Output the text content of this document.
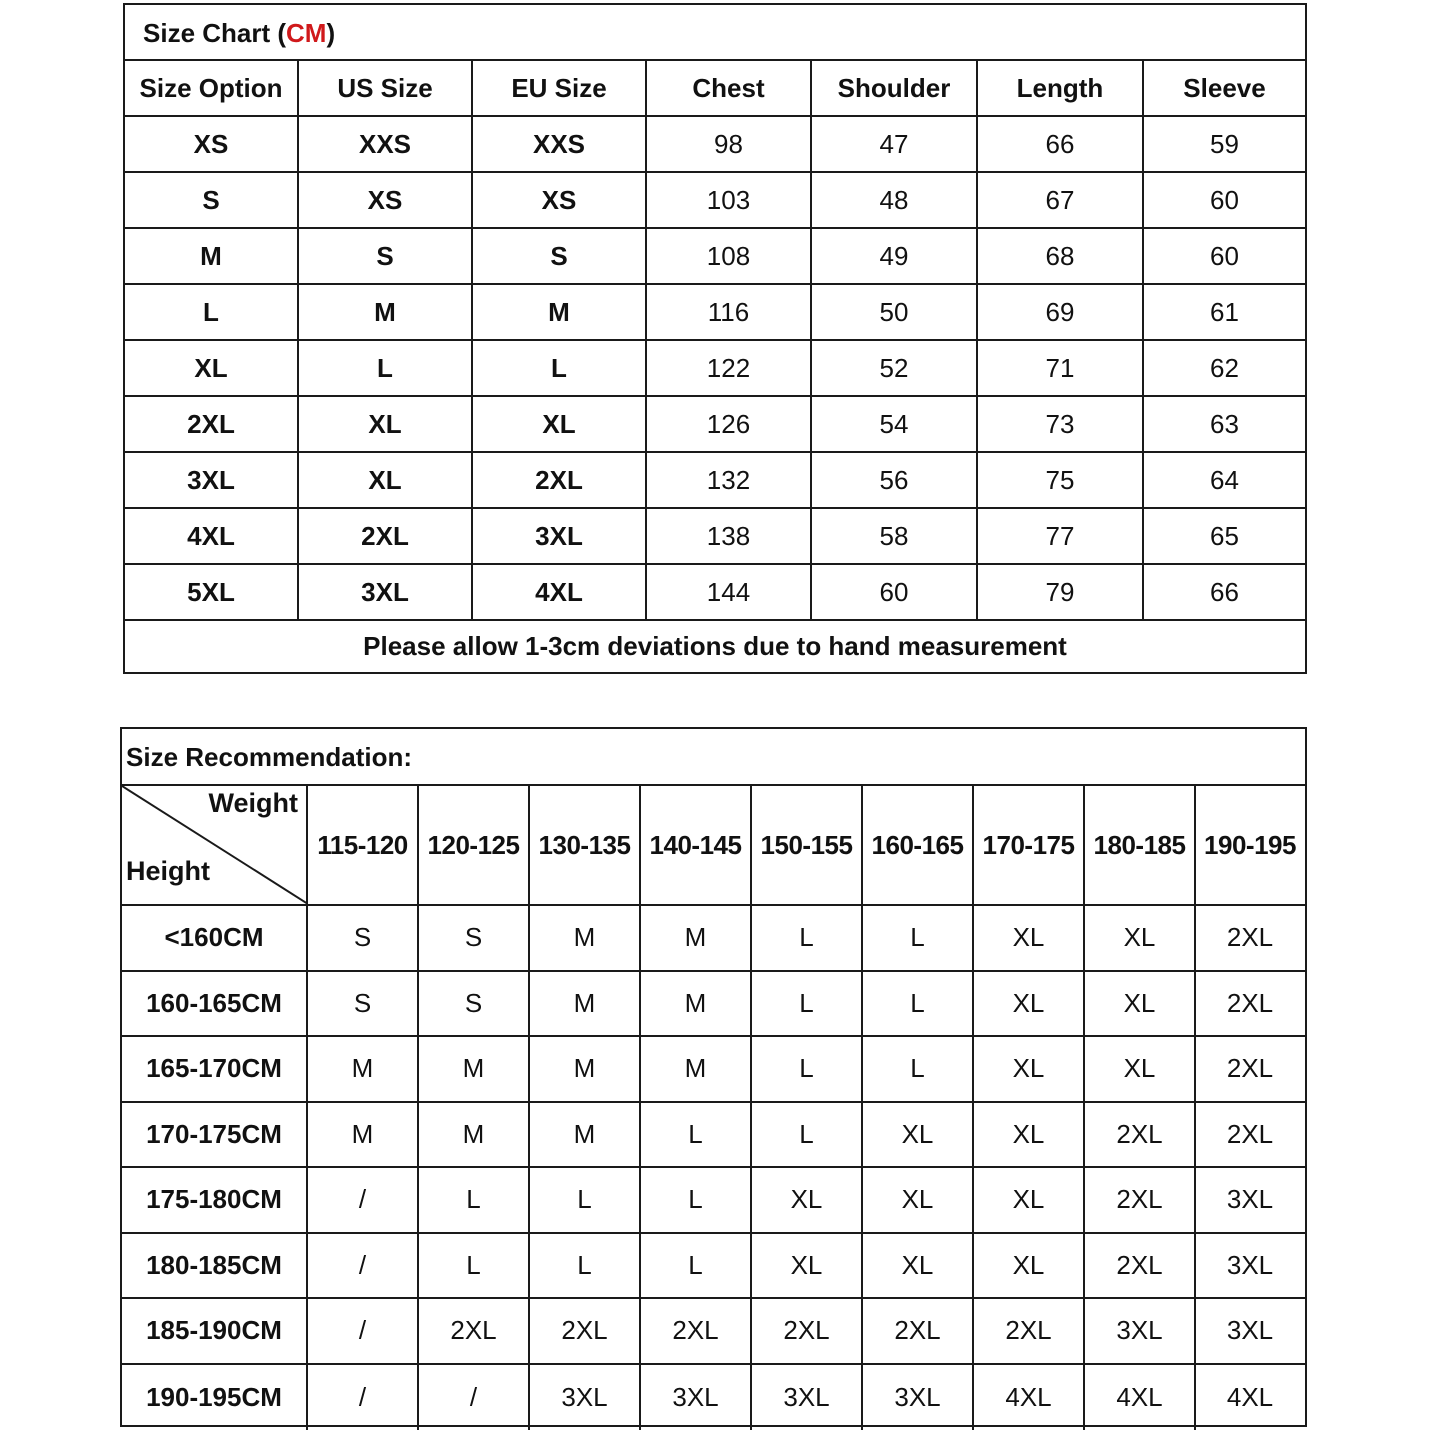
Size Chart (CM)
Size Option	US Size	EU Size	Chest	Shoulder	Length	Sleeve
XS	XXS	XXS	98	47	66	59
S	XS	XS	103	48	67	60
M	S	S	108	49	68	60
L	M	M	116	50	69	61
XL	L	L	122	52	71	62
2XL	XL	XL	126	54	73	63
3XL	XL	2XL	132	56	75	64
4XL	2XL	3XL	138	58	77	65
5XL	3XL	4XL	144	60	79	66
Please allow 1-3cm deviations due to hand measurement
Size Recommendation:
Weight
Height
115-120 120-125 130-135 140-145 150-155 160-165 170-175 180-185 190-195
<160CM	S	S	M	M	L	L	XL	XL	2XL
160-165CM	S	S	M	M	L	L	XL	XL	2XL
165-170CM	M	M	M	M	L	L	XL	XL	2XL
170-175CM	M	M	M	L	L	XL	XL	2XL	2XL
175-180CM	/	L	L	L	XL	XL	XL	2XL	3XL
180-185CM	/	L	L	L	XL	XL	XL	2XL	3XL
185-190CM	/	2XL	2XL	2XL	2XL	2XL	2XL	3XL	3XL
190-195CM	/	/	3XL	3XL	3XL	3XL	4XL	4XL	4XL
